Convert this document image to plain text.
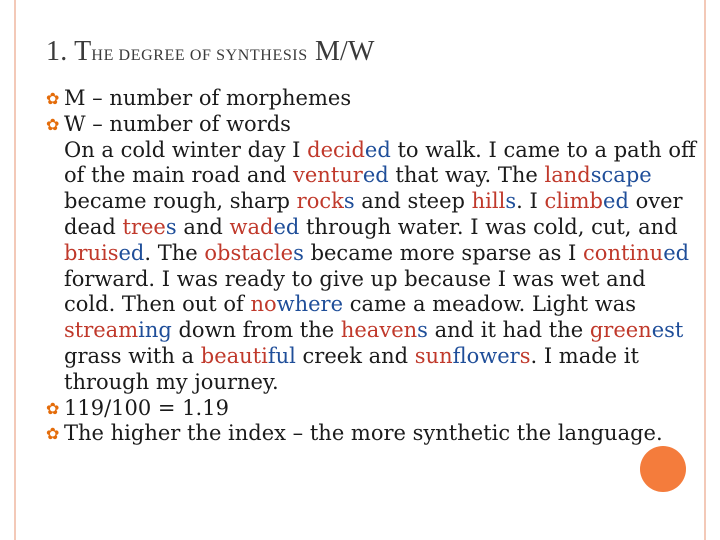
1. THE DEGREE OF SYNTHESIS M/W
✿ M – number of morphemes
✿ W – number of words
On a cold winter day I decided to walk. I came to a path off of the main road and ventured that way. The landscape became rough, sharp rocks and steep hills. I climbed over dead trees and waded through water. I was cold, cut, and bruised. The obstacles became more sparse as I continued forward. I was ready to give up because I was wet and cold. Then out of nowhere came a meadow. Light was streaming down from the heavens and it had the greenest grass with a beautiful creek and sunflowers. I made it through my journey.
✿ 119/100 = 1.19
✿ The higher the index – the more synthetic the language.
